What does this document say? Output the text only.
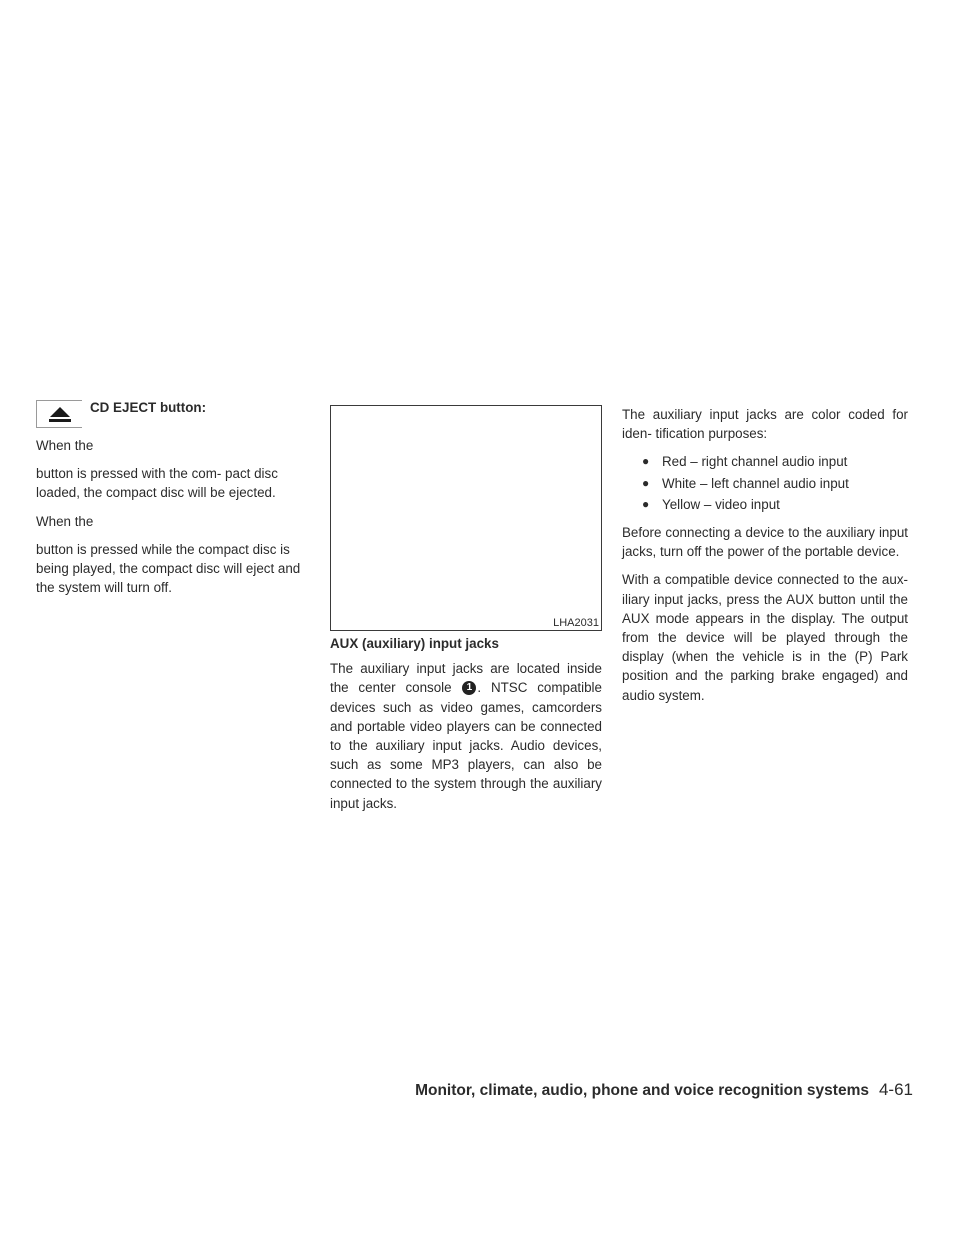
CD EJECT button:

When the

button is pressed with the com- pact disc loaded, the compact disc will be ejected.

When the

button is pressed while the compact disc is being played, the compact disc will eject and the system will turn off.

LHA2031
AUX (auxiliary) input jacks

The auxiliary input jacks are located inside the center console 1 . NTSC compatible devices such as video games, camcorders and portable video players can be connected to the auxiliary input jacks. Audio devices, such as some MP3 players, can also be connected to the system through the auxiliary input jacks.

The auxiliary input jacks are color coded for iden- tification purposes:

● Red – right channel audio input
● White – left channel audio input
● Yellow – video input

Before connecting a device to the auxiliary input jacks, turn off the power of the portable device.

With a compatible device connected to the aux- iliary input jacks, press the AUX button until the AUX mode appears in the display. The output from the device will be played through the display (when the vehicle is in the (P) Park position and the parking brake engaged) and audio system.

Monitor, climate, audio, phone and voice recognition systems 4-61
